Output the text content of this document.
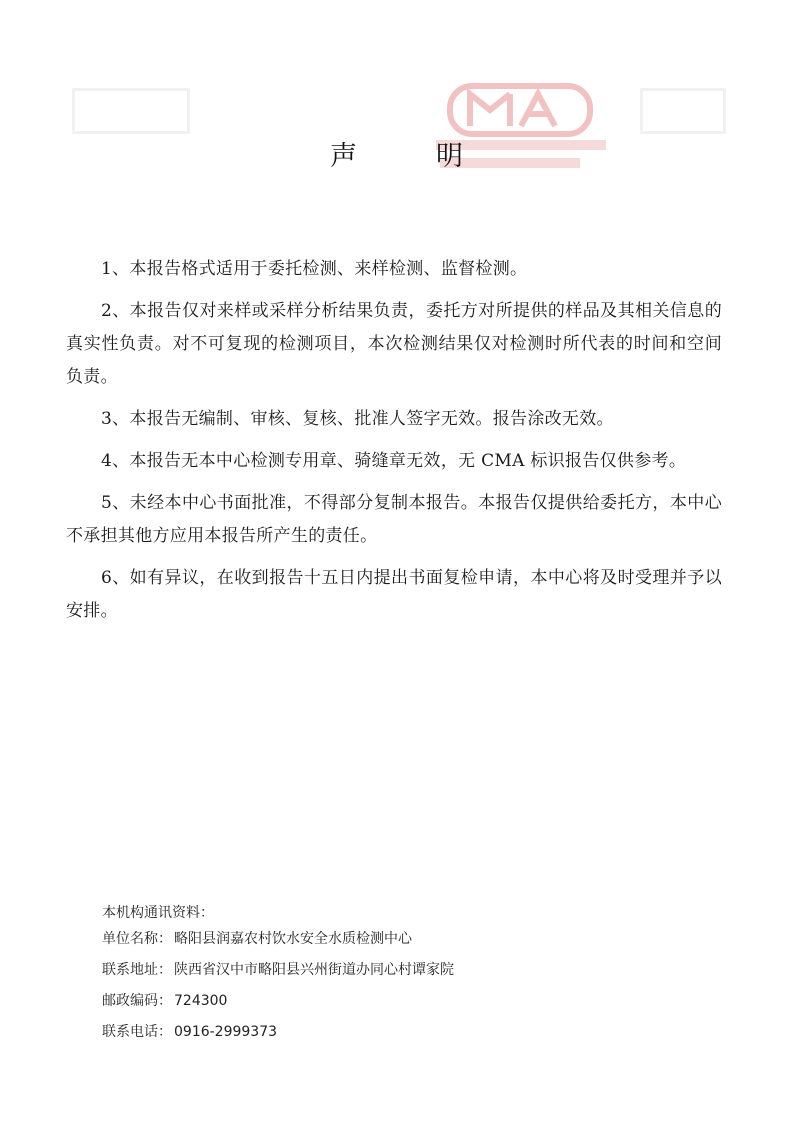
声　明
1、本报告格式适用于委托检测、来样检测、监督检测。
2、本报告仅对来样或采样分析结果负责，委托方对所提供的样品及其相关信息的真实性负责。对不可复现的检测项目，本次检测结果仅对检测时所代表的时间和空间负责。
3、本报告无编制、审核、复核、批准人签字无效。报告涂改无效。
4、本报告无本中心检测专用章、骑缝章无效，无 CMA 标识报告仅供参考。
5、未经本中心书面批准，不得部分复制本报告。本报告仅提供给委托方，本中心不承担其他方应用本报告所产生的责任。
6、如有异议，在收到报告十五日内提出书面复检申请，本中心将及时受理并予以安排。
本机构通讯资料：
单位名称： 略阳县润嘉农村饮水安全水质检测中心
联系地址： 陕西省汉中市略阳县兴州街道办同心村谭家院
邮政编码： 724300
联系电话： 0916-2999373
